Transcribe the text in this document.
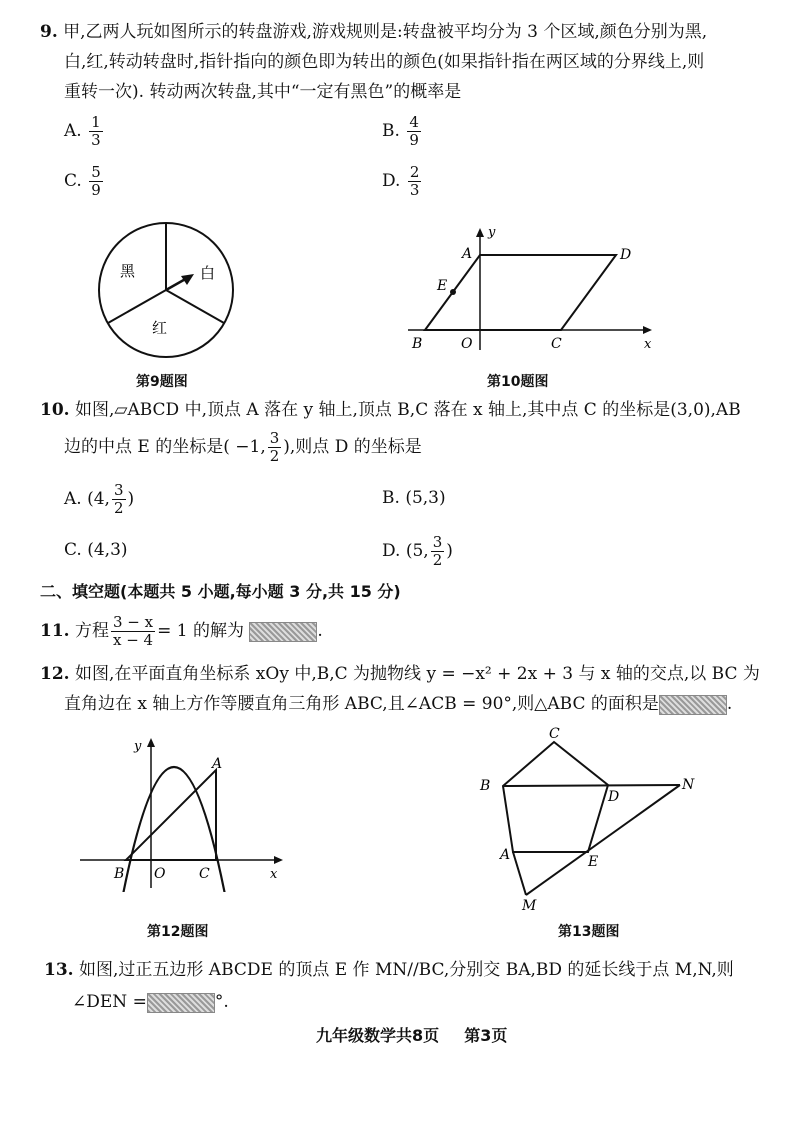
9. 甲,乙两人玩如图所示的转盘游戏,游戏规则是:转盘被平均分为 3 个区域,颜色分别为黑,
白,红,转动转盘时,指针指向的颜色即为转出的颜色(如果指针指在两区域的分界线上,则
重转一次). 转动两次转盘,其中“一定有黑色”的概率是
A. $\frac{1}{3}$	B. $\frac{4}{9}$
C. $\frac{5}{9}$	D. $\frac{2}{3}$
黑	白
红
第9题图
A	D
E
B	O	C	x
y
第10题图
10. 如图,▱ABCD 中,顶点 A 落在 y 轴上,顶点 B,C 落在 x 轴上,其中点 C 的坐标是(3,0),AB
边的中点 E 的坐标是( −1, $\frac{3}{2}$ ),则点 D 的坐标是
A. (4, $\frac{3}{2}$ )	B. (5,3)
C. (4,3)	D. (5, $\frac{3}{2}$ )
二、填空题(本题共 5 小题,每小题 3 分,共 15 分)
11. 方程 $\frac{3 - x}{x - 4} = 1$ 的解为	.
12. 如图,在平面直角坐标系 xOy 中,B,C 为抛物线 y = −x² + 2x + 3 与 x 轴的交点,以 BC 为
直角边在 x 轴上方作等腰直角三角形 ABC,且∠ACB = 90°,则△ABC 的面积是	.
y
A
B O C	x
第12题图
C
B
D
N
A	E
M
第13题图
13. 如图,过正五边形 ABCDE 的顶点 E 作 MN//BC,分别交 BA,BD 的延长线于点 M,N,则
∠DEN =	°.
九年级数学共8页 第3页
